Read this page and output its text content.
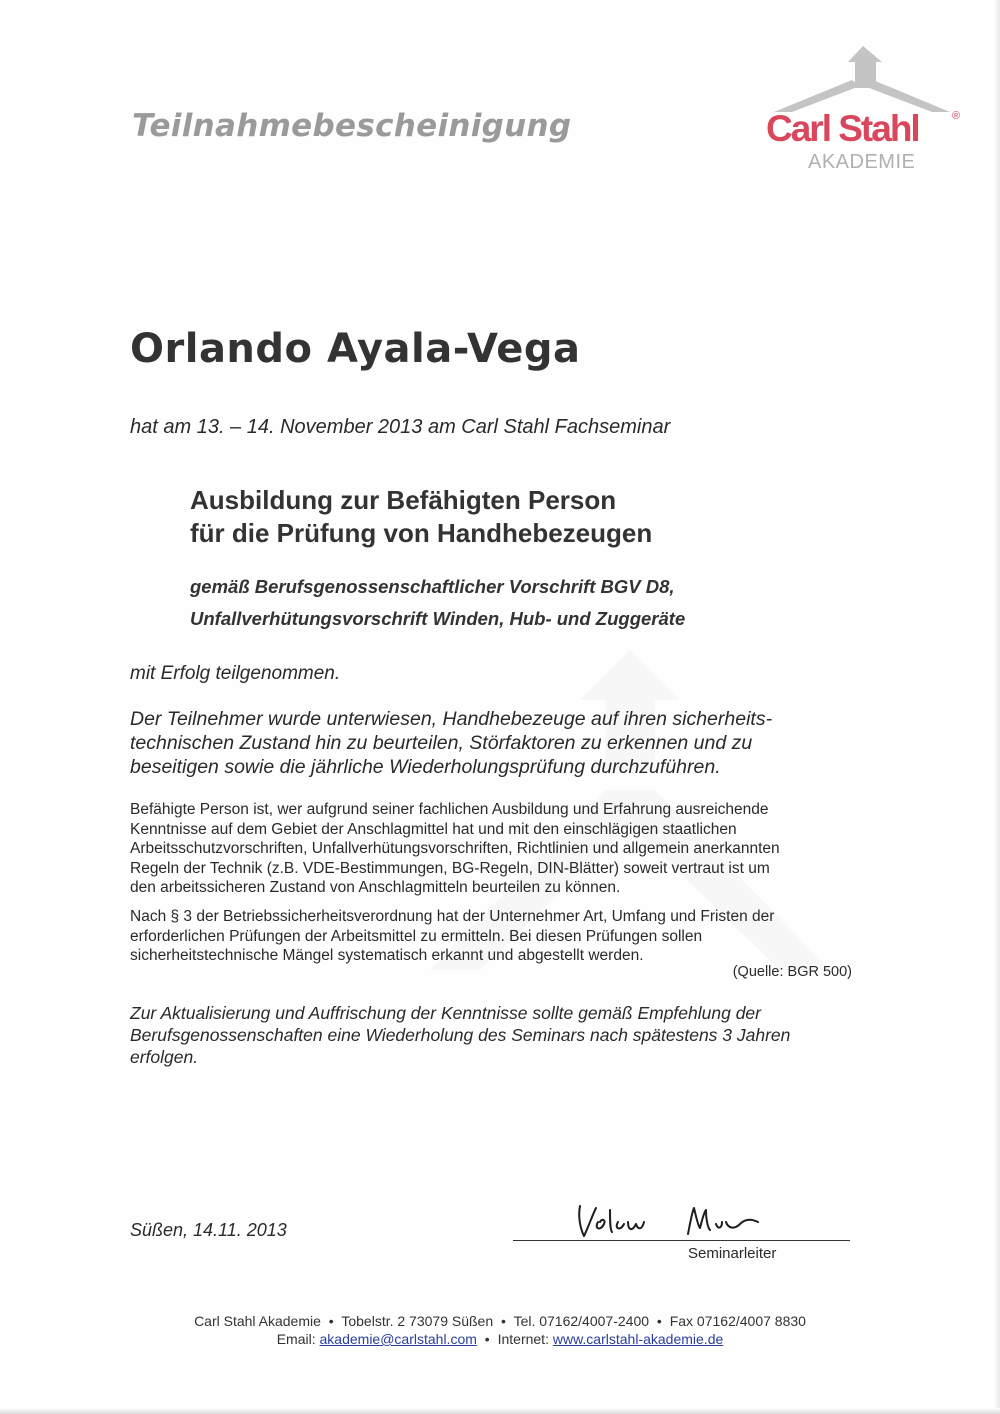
Teilnahmebescheinigung	Carl Stahl	®
AKADEMIE
Orlando Ayala-Vega
hat am 13. – 14. November 2013 am Carl Stahl Fachseminar
Ausbildung zur Befähigten Person
für die Prüfung von Handhebezeugen
gemäß Berufsgenossenschaftlicher Vorschrift BGV D8,
Unfallverhütungsvorschrift Winden, Hub- und Zuggeräte
mit Erfolg teilgenommen.
Der Teilnehmer wurde unterwiesen, Handhebezeuge auf ihren sicherheits-
technischen Zustand hin zu beurteilen, Störfaktoren zu erkennen und zu
beseitigen sowie die jährliche Wiederholungsprüfung durchzuführen.
Befähigte Person ist, wer aufgrund seiner fachlichen Ausbildung und Erfahrung ausreichende
Kenntnisse auf dem Gebiet der Anschlagmittel hat und mit den einschlägigen staatlichen
Arbeitsschutzvorschriften, Unfallverhütungsvorschriften, Richtlinien und allgemein anerkannten
Regeln der Technik (z.B. VDE-Bestimmungen, BG-Regeln, DIN-Blätter) soweit vertraut ist um
den arbeitssicheren Zustand von Anschlagmitteln beurteilen zu können.
Nach § 3 der Betriebssicherheitsverordnung hat der Unternehmer Art, Umfang und Fristen der
erforderlichen Prüfungen der Arbeitsmittel zu ermitteln. Bei diesen Prüfungen sollen
sicherheitstechnische Mängel systematisch erkannt und abgestellt werden.
(Quelle: BGR 500)
Zur Aktualisierung und Auffrischung der Kenntnisse sollte gemäß Empfehlung der
Berufsgenossenschaften eine Wiederholung des Seminars nach spätestens 3 Jahren
erfolgen.
Süßen, 14.11. 2013
Seminarleiter
Carl Stahl Akademie • Tobelstr. 2 73079 Süßen • Tel. 07162/4007-2400 • Fax 07162/4007 8830
Email: akademie@carlstahl.com • Internet: www.carlstahl-akademie.de
